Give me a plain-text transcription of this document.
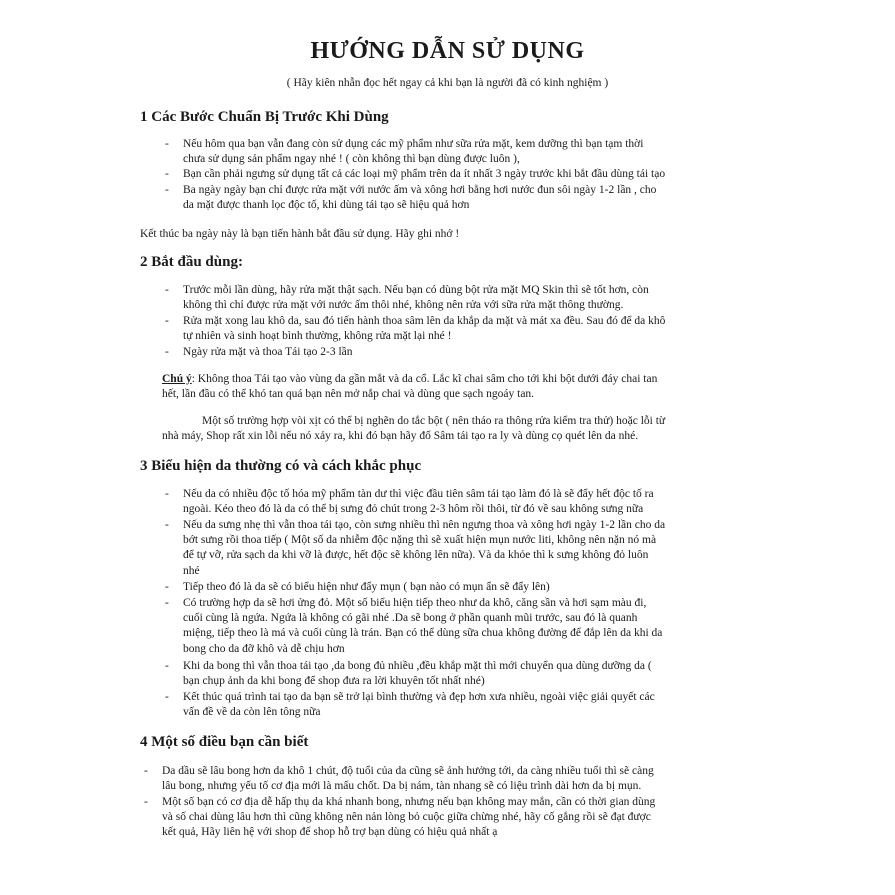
HƯỚNG DẪN SỬ DỤNG
( Hãy kiên nhẫn đọc hết ngay cả khi bạn là người đã có kinh nghiệm )
1 Các Bước Chuẩn Bị Trước Khi Dùng
- Nếu hôm qua bạn vẫn đang còn sử dụng các mỹ phẩm như sữa rửa mặt, kem dưỡng thì bạn tạm thời
chưa sử dụng sản phẩm ngay nhé ! ( còn không thì bạn dùng được luôn ),
- Bạn cần phải ngưng sử dụng tất cả các loại mỹ phẩm trên da ít nhất 3 ngày trước khi bắt đầu dùng tái tạo
- Ba ngày ngày bạn chỉ được rửa mặt với nước ấm và xông hơi bằng hơi nước đun sôi ngày 1-2 lần , cho
da mặt được thanh lọc độc tố, khi dùng tái tạo sẽ hiệu quả hơn
Kết thúc ba ngày này là bạn tiến hành bắt đầu sử dụng. Hãy ghi nhớ !
2 Bắt đầu dùng:
- Trước mỗi lần dùng, hãy rửa mặt thật sạch. Nếu bạn có dùng bột rửa mặt MQ Skin thì sẽ tốt hơn, còn
không thì chỉ được rửa mặt với nước ấm thôi nhé, không nên rửa với sữa rửa mặt thông thường.
- Rửa mặt xong lau khô da, sau đó tiến hành thoa sâm lên da khắp da mặt và mát xa đều. Sau đó để da khô
tự nhiên và sinh hoạt bình thường, không rửa mặt lại nhé !
- Ngày rửa mặt và thoa Tái tạo 2-3 lần
Chú ý: Không thoa Tái tạo vào vùng da gần mắt và da cổ. Lắc kĩ chai sâm cho tới khi bột dưới đáy chai tan
hết, lần đầu có thể khó tan quá bạn nên mở nắp chai và dùng que sạch ngoáy tan.
Một số trường hợp vòi xịt có thể bị nghẽn do tắc bột ( nên tháo ra thông rửa kiểm tra thử) hoặc lỗi từ
nhà máy, Shop rất xin lỗi nếu nó xảy ra, khi đó bạn hãy đổ Sâm tái tạo ra ly và dùng cọ quét lên da nhé.
3 Biểu hiện da thường có và cách khắc phục
- Nếu da có nhiều độc tố hóa mỹ phẩm tàn dư thì việc đầu tiên sâm tái tạo làm đó là sẽ đẩy hết độc tố ra
ngoài. Kéo theo đó là da có thể bị sưng đỏ chút trong 2-3 hôm rồi thôi, từ đó về sau không sưng nữa
- Nếu da sưng nhẹ thì vẫn thoa tái tạo, còn sưng nhiều thì nên ngưng thoa và xông hơi ngày 1-2 lần cho da
bớt sưng rồi thoa tiếp ( Một số da nhiễm độc nặng thì sẽ xuất hiện mụn nước liti, không nên nặn nó mà
để tự vỡ, rửa sạch da khi vỡ là được, hết độc sẽ không lên nữa). Và da khỏe thì k sưng không đỏ luôn
nhé
- Tiếp theo đó là da sẽ có biểu hiện như đẩy mụn ( bạn nào có mụn ẩn sẽ đẩy lên)
- Có trường hợp da sẽ hơi ửng đỏ. Một số biểu hiện tiếp theo như da khô, căng sần và hơi sạm màu đi,
cuối cùng là ngứa. Ngứa là không có gãi nhé .Da sẽ bong ở phần quanh mũi trước, sau đó là quanh
miệng, tiếp theo là má và cuối cùng là trán. Bạn có thể dùng sữa chua không đường để đắp lên da khi da
bong cho da đỡ khô và dễ chịu hơn
- Khi da bong thì vẫn thoa tái tạo ,da bong đủ nhiều ,đều khắp mặt thì mới chuyển qua dùng dưỡng da (
bạn chụp ảnh da khi bong để shop đưa ra lời khuyên tốt nhất nhé)
- Kết thúc quá trình tai tạo da bạn sẽ trở lại bình thường và đẹp hơn xưa nhiều, ngoài việc giải quyết các
vấn đề về da còn lên tông nữa
4 Một số điều bạn cần biết
- Da dầu sẽ lâu bong hơn da khô 1 chút, độ tuổi của da cũng sẽ ảnh hưởng tới, da càng nhiều tuổi thì sẽ càng
lâu bong, nhưng yếu tố cơ địa mới là mấu chốt. Da bị nám, tàn nhang sẽ có liệu trình dài hơn da bị mụn.
- Một số bạn có cơ địa dễ hấp thụ da khá nhanh bong, nhưng nếu bạn không may mắn, cần có thời gian dùng
và số chai dùng lâu hơn thì cũng không nên nản lòng bỏ cuộc giữa chừng nhé, hãy cố gắng rồi sẽ đạt được
kết quả, Hãy liên hệ với shop để shop hỗ trợ bạn dùng có hiệu quả nhất ạ
